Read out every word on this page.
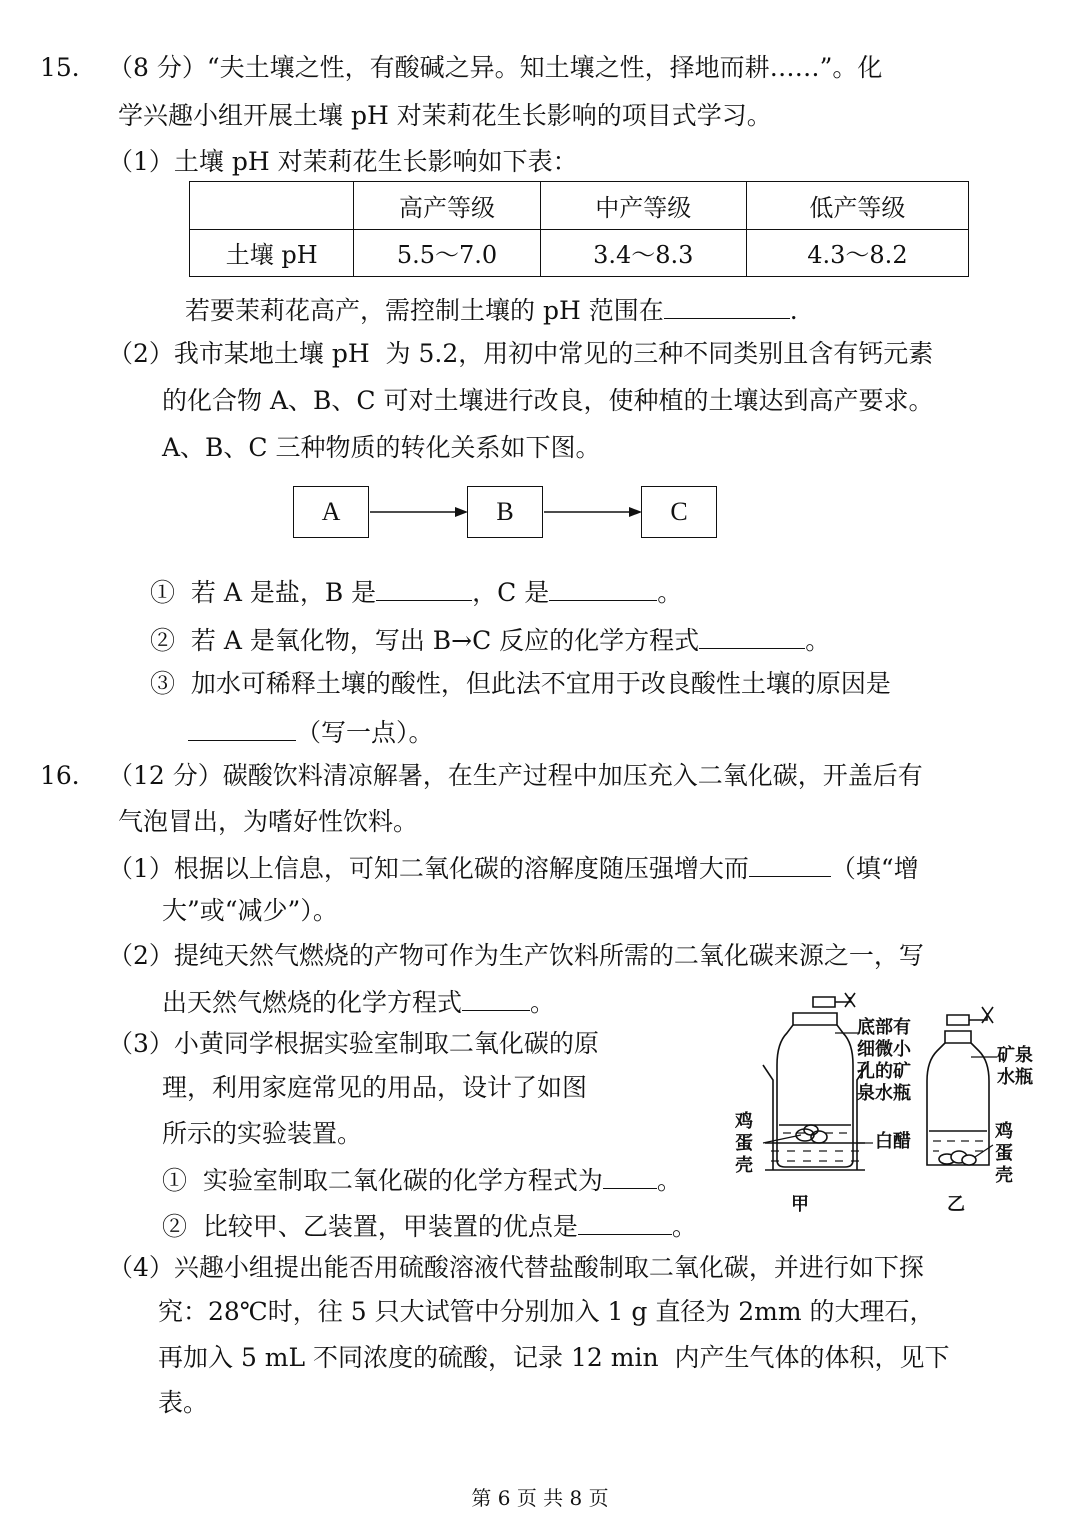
15． （8 分）“夫土壤之性，有酸碱之异。知土壤之性，择地而耕……”。化
学兴趣小组开展土壤 pH 对茉莉花生长影响的项目式学习。
（1）土壤 pH 对茉莉花生长影响如下表：
	高产等级	中产等级	低产等级
土壤 pH	5.5～7.0	3.4～8.3	4.3～8.2
若要茉莉花高产，需控制土壤的 pH 范围在	.
（2）我市某地土壤 pH  为 5.2，用初中常见的三种不同类别且含有钙元素
的化合物 A、B、C 可对土壤进行改良，使种植的土壤达到高产要求。
A、B、C 三种物质的转化关系如下图。
A	B	C
①  若 A 是盐，B 是	，C 是	。
②  若 A 是氧化物，写出 B→C 反应的化学方程式	。
③  加水可稀释土壤的酸性，但此法不宜用于改良酸性土壤的原因是
（写一点）。
16． （12 分）碳酸饮料清凉解暑，在生产过程中加压充入二氧化碳，开盖后有
气泡冒出，为嗜好性饮料。
（1）根据以上信息，可知二氧化碳的溶解度随压强增大而	（填“增
大”或“减少”）。
（2）提纯天然气燃烧的产物可作为生产饮料所需的二氧化碳来源之一，写
出天然气燃烧的化学方程式	。
（3）小黄同学根据实验室制取二氧化碳的原
理，利用家庭常见的用品，设计了如图
所示的实验装置。
①  实验室制取二氧化碳的化学方程式为 。
②  比较甲、乙装置，甲装置的优点是	。
底部有
细微小
孔的矿
泉水瓶
鸡
蛋
壳
白醋
矿泉
水瓶
鸡
蛋
壳
甲	乙
（4）兴趣小组提出能否用硫酸溶液代替盐酸制取二氧化碳，并进行如下探
究：28℃时，往 5 只大试管中分别加入 1 g 直径为 2mm 的大理石，
再加入 5 mL 不同浓度的硫酸，记录 12 min  内产生气体的体积，见下
表。
第 6 页 共 8 页
